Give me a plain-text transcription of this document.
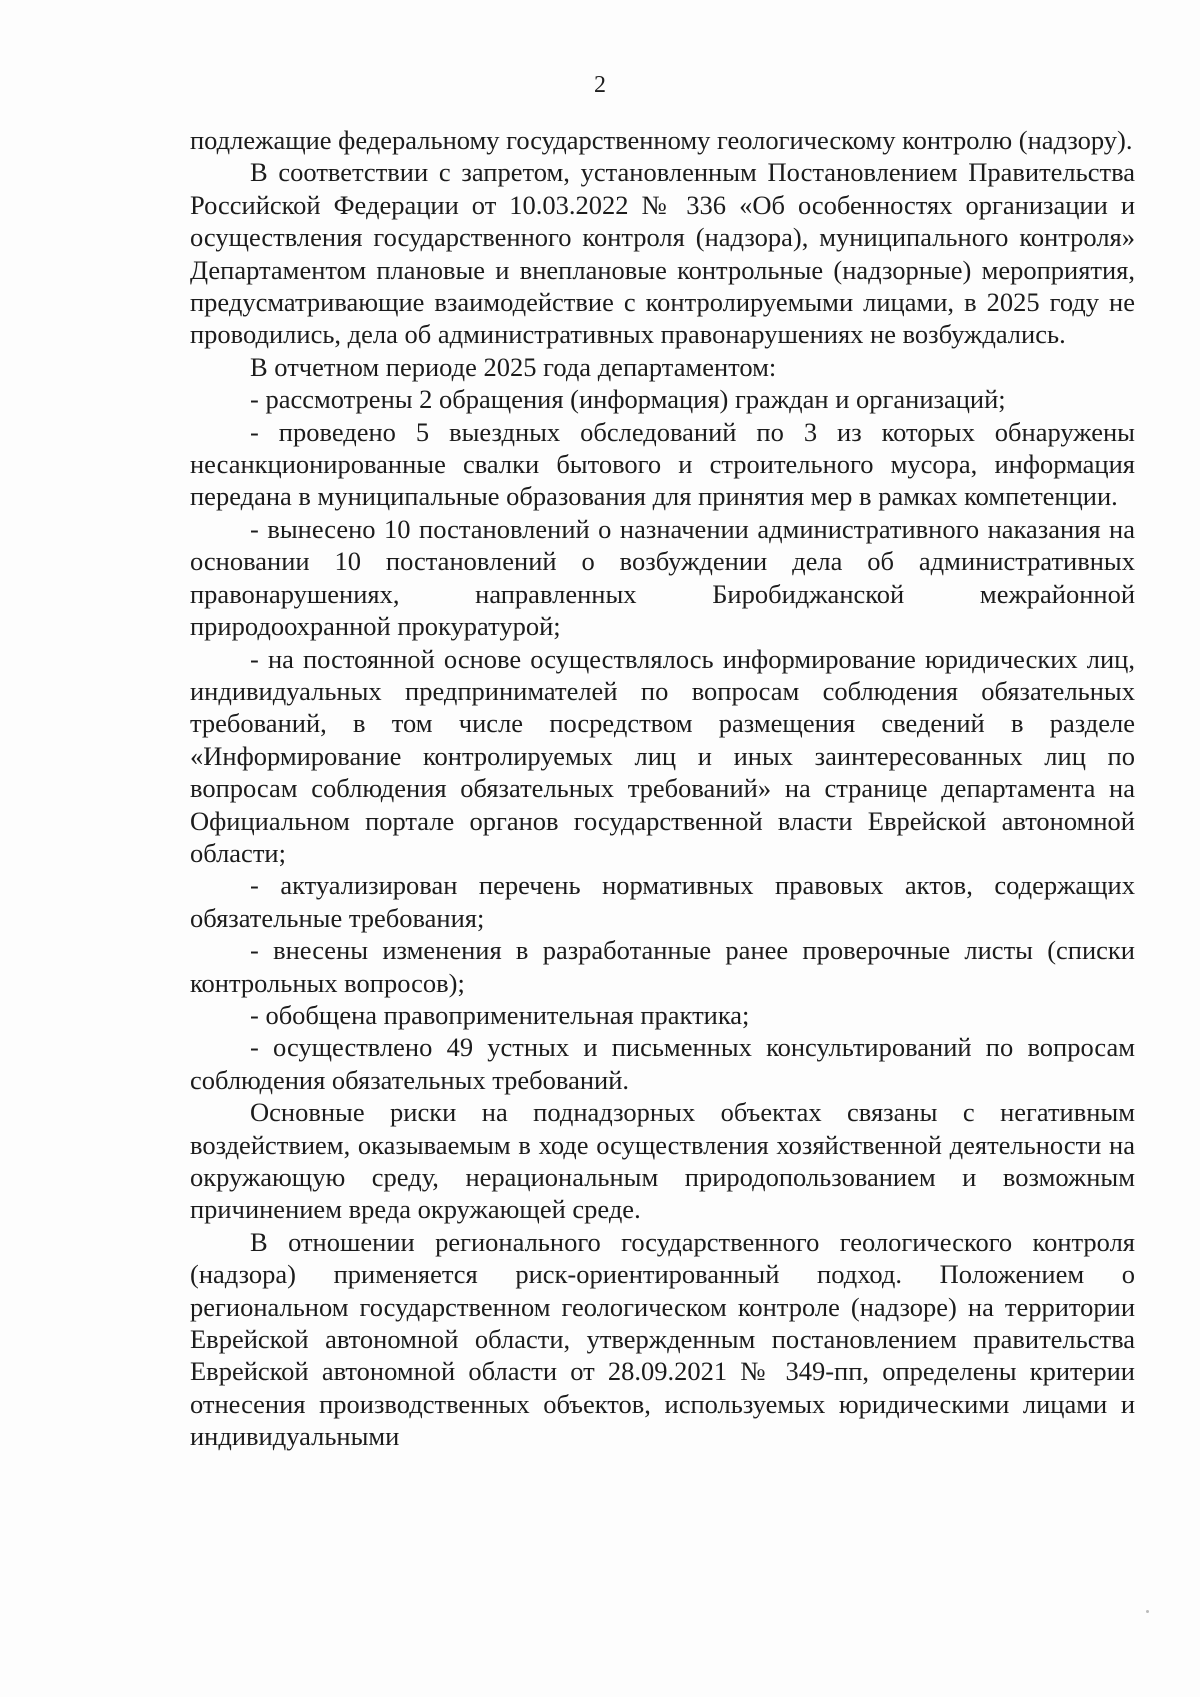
2

подлежащие федеральному государственному геологическому контролю (надзору).

В соответствии с запретом, установленным Постановлением Правительства Российской Федерации от 10.03.2022 № 336 «Об особенностях организации и осуществления государственного контроля (надзора), муниципального контроля» Департаментом плановые и внеплановые контрольные (надзорные) мероприятия, предусматривающие взаимодействие с контролируемыми лицами, в 2025 году не проводились, дела об административных правонарушениях не возбуждались.

В отчетном периоде 2025 года департаментом:

- рассмотрены 2 обращения (информация) граждан и организаций;

- проведено 5 выездных обследований по 3 из которых обнаружены несанкционированные свалки бытового и строительного мусора, информация передана в муниципальные образования для принятия мер в рамках компетенции.

- вынесено 10 постановлений о назначении административного наказания на основании 10 постановлений о возбуждении дела об административных правонарушениях, направленных Биробиджанской межрайонной природоохранной прокуратурой;

- на постоянной основе осуществлялось информирование юридических лиц, индивидуальных предпринимателей по вопросам соблюдения обязательных требований, в том числе посредством размещения сведений в разделе «Информирование контролируемых лиц и иных заинтересованных лиц по вопросам соблюдения обязательных требований» на странице департамента на Официальном портале органов государственной власти Еврейской автономной области;

- актуализирован перечень нормативных правовых актов, содержащих обязательные требования;

- внесены изменения в разработанные ранее проверочные листы (списки контрольных вопросов);

- обобщена правоприменительная практика;

- осуществлено 49 устных и письменных консультирований по вопросам соблюдения обязательных требований.

Основные риски на поднадзорных объектах связаны с негативным воздействием, оказываемым в ходе осуществления хозяйственной деятельности на окружающую среду, нерациональным природопользованием и возможным причинением вреда окружающей среде.

В отношении регионального государственного геологического контроля (надзора) применяется риск-ориентированный подход. Положением о региональном государственном геологическом контроле (надзоре) на территории Еврейской автономной области, утвержденным постановлением правительства Еврейской автономной области от 28.09.2021 № 349-пп, определены критерии отнесения производственных объектов, используемых юридическими лицами и индивидуальными
